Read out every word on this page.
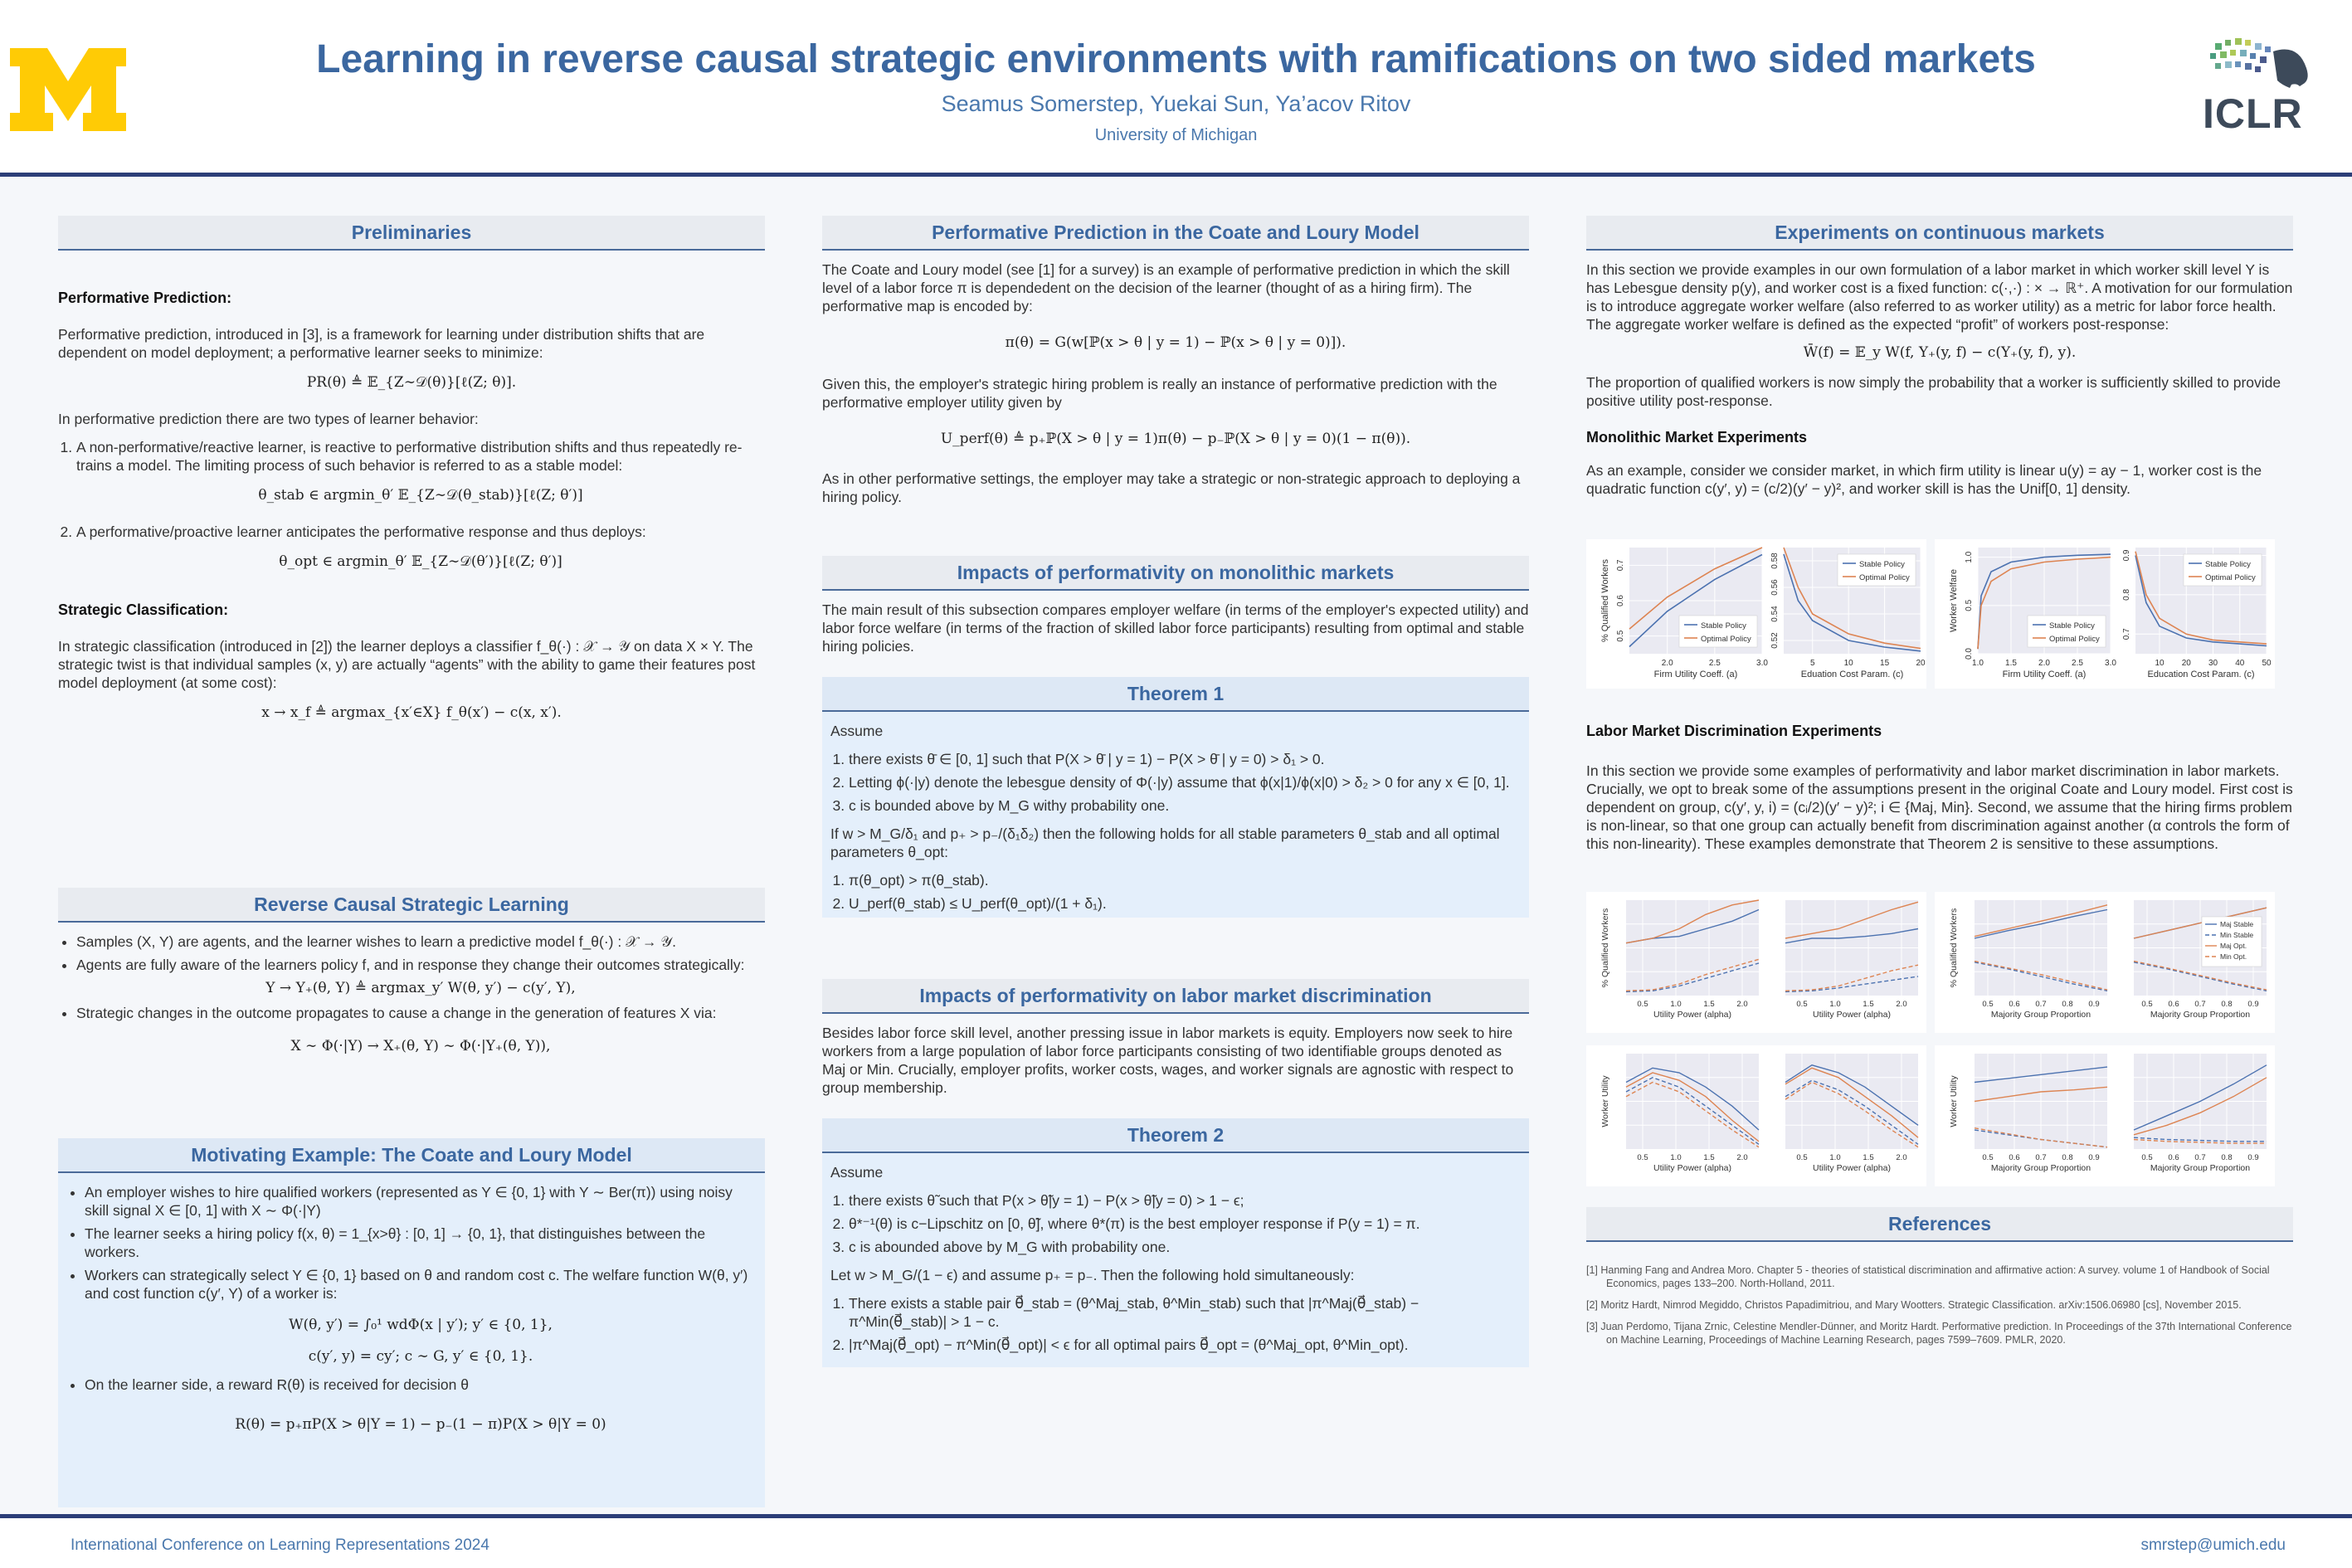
Learning in reverse causal strategic environments with ramifications on two sided markets
Seamus Somerstep, Yuekai Sun, Ya’acov Ritov
University of Michigan	ICLR
Preliminaries
Performative Prediction:

Performative prediction, introduced in [3], is a framework for learning under distribution shifts that are dependent on model deployment; a performative learner seeks to minimize:

PR(θ) ≜ 𝔼_{Z∼𝒟(θ)}[ℓ(Z; θ)].

In performative prediction there are two types of learner behavior:

1. A non-performative/reactive learner, is reactive to performative distribution shifts and thus repeatedly re-trains a model. The limiting process of such behavior is referred to as a stable model:
θ_stab ∈ argmin_θ′ 𝔼_{Z∼𝒟(θ_stab)}[ℓ(Z; θ′)]
2. A performative/proactive learner anticipates the performative response and thus deploys:
θ_opt ∈ argmin_θ′ 𝔼_{Z∼𝒟(θ′)}[ℓ(Z; θ′)]
Strategic Classification:

In strategic classification (introduced in [2]) the learner deploys a classifier f_θ(·) : 𝒳 → 𝒴 on data X × Y. The strategic twist is that individual samples (x, y) are actually “agents” with the ability to game their features post model deployment (at some cost):

x → x_f ≜ argmax_{x′∈X} f_θ(x′) − c(x, x′).
Reverse Causal Strategic Learning
• Samples (X, Y) are agents, and the learner wishes to learn a predictive model f_θ(·) : 𝒳 → 𝒴.
• Agents are fully aware of the learners policy f, and in response they change their outcomes strategically:
Y → Y₊(θ, Y) ≜ argmax_y′ W(θ, y′) − c(y′, Y),
• Strategic changes in the outcome propagates to cause a change in the generation of features X via:
X ∼ Φ(·|Y) → X₊(θ, Y) ∼ Φ(·|Y₊(θ, Y)),
Motivating Example: The Coate and Loury Model
• An employer wishes to hire qualified workers (represented as Y ∈ {0, 1} with Y ∼ Ber(π)) using noisy skill signal X ∈ [0, 1] with X ∼ Φ(·|Y)
• The learner seeks a hiring policy f(x, θ) = 1_{x>θ} : [0, 1] → {0, 1}, that distinguishes between the workers.
• Workers can strategically select Y ∈ {0, 1} based on θ and random cost c. The welfare function W(θ, y′) and cost function c(y′, Y) of a worker is:
W(θ, y′) = ∫₀¹ wdΦ(x | y′); y′ ∈ {0, 1},
c(y′, y) = cy′; c ∼ G, y′ ∈ {0, 1}.
• On the learner side, a reward R(θ) is received for decision θ
R(θ) = p₊πP(X > θ|Y = 1) − p₋(1 − π)P(X > θ|Y = 0)
Performative Prediction in the Coate and Loury Model

The Coate and Loury model (see [1] for a survey) is an example of performative prediction in which the skill level of a labor force π is dependedent on the decision of the learner (thought of as a hiring firm). The performative map is encoded by:

π(θ) = G(w[ℙ(x > θ | y = 1) − ℙ(x > θ | y = 0)]).

Given this, the employer's strategic hiring problem is really an instance of performative prediction with the performative employer utility given by

U_perf(θ) ≜ p₊ℙ(X > θ | y = 1)π(θ) − p₋ℙ(X > θ | y = 0)(1 − π(θ)).

As in other performative settings, the employer may take a strategic or non-strategic approach to deploying a hiring policy.

Impacts of performativity on monolithic markets

The main result of this subsection compares employer welfare (in terms of the employer's expected utility) and labor force welfare (in terms of the fraction of skilled labor force participants) resulting from optimal and stable hiring policies.

Theorem 1

Assume

1. there exists θ̄ ∈ [0, 1] such that P(X > θ̄ | y = 1) − P(X > θ̄ | y = 0) > δ₁ > 0.
2. Letting ϕ(·|y) denote the lebesgue density of Φ(·|y) assume that ϕ(x|1)/ϕ(x|0) > δ₂ > 0 for any x ∈ [0, 1].
3. c is bounded above by M_G withy probability one.

If w > M_G/δ₁ and p₊ > p₋/(δ₁δ₂) then the following holds for all stable parameters θ_stab and all optimal parameters θ_opt:

1. π(θ_opt) > π(θ_stab).
2. U_perf(θ_stab) ≤ U_perf(θ_opt)/(1 + δ₁).
Impacts of performativity on labor market discrimination

Besides labor force skill level, another pressing issue in labor markets is equity. Employers now seek to hire workers from a large population of labor force participants consisting of two identifiable groups denoted as Maj or Min. Crucially, employer profits, worker costs, wages, and worker signals are agnostic with respect to group membership.

Theorem 2

Assume

1. there exists θ̃ such that P(x > θ̃|y = 1) − P(x > θ̃|y = 0) > 1 − ϵ;
2. θ*⁻¹(θ) is c−Lipschitz on [0, θ̃], where θ*(π) is the best employer response if P(y = 1) = π.
3. c is abounded above by M_G with probability one.

Let w > M_G/(1 − ϵ) and assume p₊ = p₋. Then the following hold simultaneously:

1. There exists a stable pair θ⃗_stab = (θ^Maj_stab, θ^Min_stab) such that |π^Maj(θ⃗_stab) − π^Min(θ⃗_stab)| > 1 − c.
2. |π^Maj(θ⃗_opt) − π^Min(θ⃗_opt)| < ϵ for all optimal pairs θ⃗_opt = (θ^Maj_opt, θ^Min_opt).
Experiments on continuous markets

In this section we provide examples in our own formulation of a labor market in which worker skill level Y is has Lebesgue density p(y), and worker cost is a fixed function: c(·,·) : × → ℝ⁺. A motivation for our formulation is to introduce aggregate worker welfare (also referred to as worker utility) as a metric for labor force health. The aggregate worker welfare is defined as the expected “profit” of workers post-response:

W̄(f) = 𝔼_y W(f, Y₊(y, f) − c(Y₊(y, f), y).

The proportion of qualified workers is now simply the probability that a worker is sufficiently skilled to provide positive utility post-response.

Monolithic Market Experiments

As an example, consider we consider market, in which firm utility is linear u(y) = ay − 1, worker cost is the quadratic function c(y′, y) = (c/2)(y′ − y)², and worker skill is has the Unif[0, 1] density.

2.0	2.5	3.0
0.5
0.6
0.7
Firm Utility Coeff. (a)
% Qualified Workers	Stable Policy
Optimal Policy
5	10	15	20
0.52
0.54
0.56
0.58
Eduation Cost Param. (c)
Stable Policy
Optimal Policy
1.0	1.5	2.0	2.5	3.0
0.0
0.5
1.0
Firm Utility Coeff. (a)
Worker Welfare	Stable Policy
Optimal Policy
10 20 30 40 50
0.7
0.8
0.9
Education Cost Param. (c)
Stable Policy
Optimal Policy
Labor Market Discrimination Experiments

In this section we provide some examples of performativity and labor market discrimination in labor markets. Crucially, we opt to break some of the assumptions present in the original Coate and Loury model. First cost is dependent on group, c(y′, y, i) = (cᵢ/2)(y′ − y)²; i ∈ {Maj, Min}. Second, we assume that the hiring firms problem is non-linear, so that one group can actually benefit from discrimination against another (α controls the form of this non-linearity). These examples demonstrate that Theorem 2 is sensitive to these assumptions.

0.5	1.0	1.5	2.0
Utility Power (alpha)
% Qualified Workers
0.5	1.0	1.5	2.0
Utility Power (alpha)
0.5 0.6 0.7 0.8 0.9
Majority Group Proportion
% Qualified Workers
0.5 0.6 0.7 0.8 0.9
Majority Group Proportion
Maj Stable
Min Stable
Maj Opt.
Min Opt.
0.5	1.0	1.5	2.0
Utility Power (alpha)
Worker Utility
0.5	1.0	1.5	2.0
Utility Power (alpha)
0.5 0.6 0.7 0.8 0.9
Majority Group Proportion
Worker Utility
0.5 0.6 0.7 0.8 0.9
Majority Group Proportion
References
[1] Hanming Fang and Andrea Moro. Chapter 5 - theories of statistical discrimination and affirmative action: A survey. volume 1 of Handbook of Social Economics, pages 133–200. North-Holland, 2011.
[2] Moritz Hardt, Nimrod Megiddo, Christos Papadimitriou, and Mary Wootters. Strategic Classification. arXiv:1506.06980 [cs], November 2015.
[3] Juan Perdomo, Tijana Zrnic, Celestine Mendler-Dünner, and Moritz Hardt. Performative prediction. In Proceedings of the 37th International Conference on Machine Learning, Proceedings of Machine Learning Research, pages 7599–7609. PMLR, 2020.
International Conference on Learning Representations 2024	smrstep@umich.edu
